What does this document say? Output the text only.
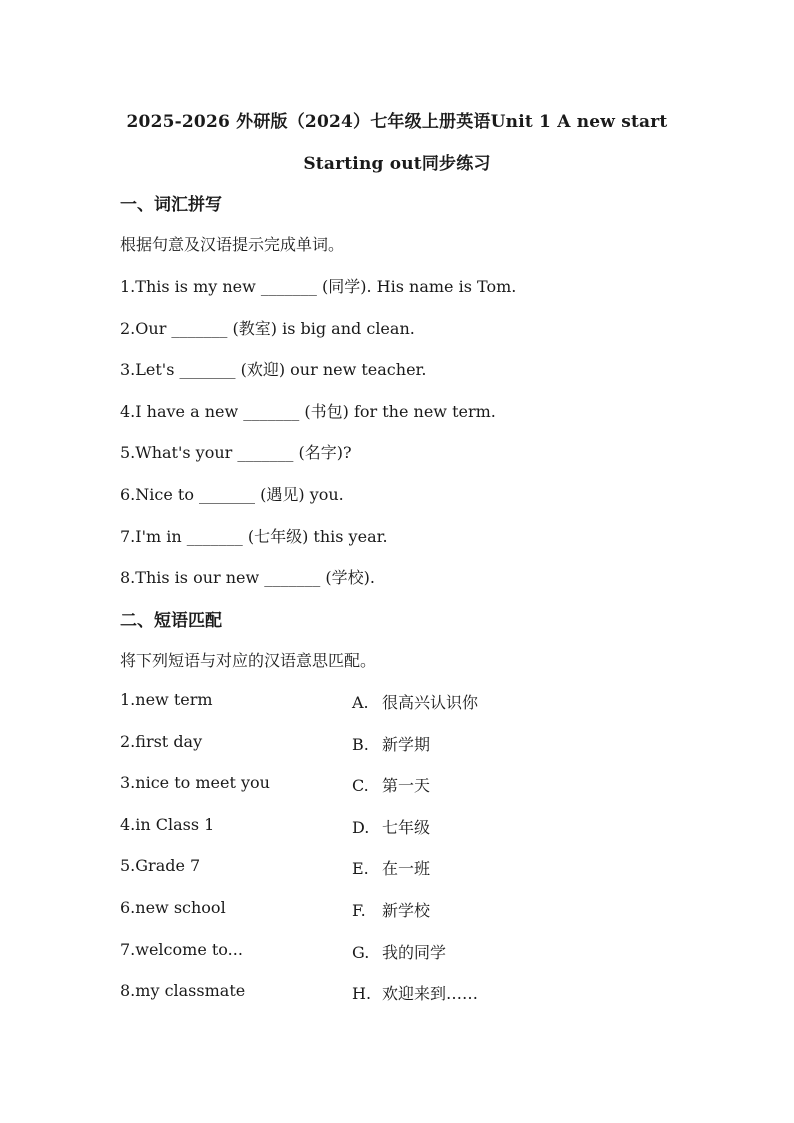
2025-2026 外研版（2024）七年级上册英语Unit 1 A new start
Starting out同步练习
一、词汇拼写
根据句意及汉语提示完成单词。
1.This is my new _______ (同学). His name is Tom.
2.Our _______ (教室) is big and clean.
3.Let's _______ (欢迎) our new teacher.
4.I have a new _______ (书包) for the new term.
5.What's your _______ (名字)?
6.Nice to _______ (遇见) you.
7.I'm in _______ (七年级) this year.
8.This is our new _______ (学校).
二、短语匹配
将下列短语与对应的汉语意思匹配。
1.new term	A. 很高兴认识你
2.first day	B. 新学期
3.nice to meet you	C. 第一天
4.in Class 1	D. 七年级
5.Grade 7	E. 在一班
6.new school	F. 新学校
7.welcome to...	G. 我的同学
8.my classmate	H. 欢迎来到……
